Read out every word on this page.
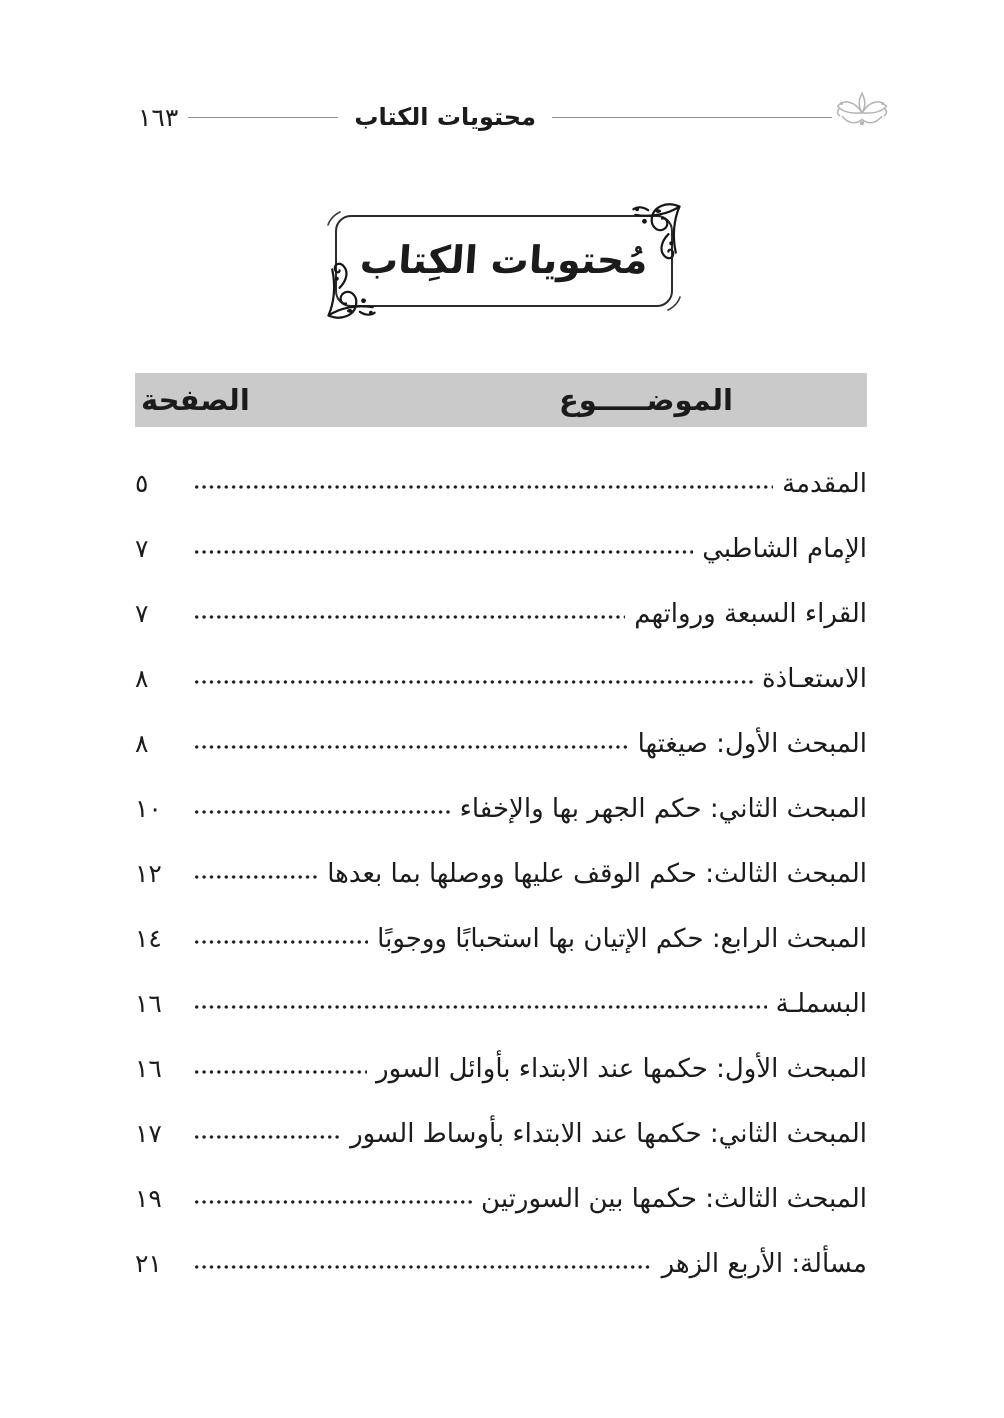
١٦٣	محتويات الكتاب
مُحتويات الكِتاب
الموضـــــوع
الصفحة
المقدمة
٥
الإمام الشاطبي
٧
القراء السبعة ورواتهم
٧
الاستعـاذة
٨
المبحث الأول: صيغتها
٨
المبحث الثاني: حكم الجهر بها والإخفاء
١٠
المبحث الثالث: حكم الوقف عليها ووصلها بما بعدها
١٢
المبحث الرابع: حكم الإتيان بها استحبابًا ووجوبًا
١٤
البسملـة
١٦
المبحث الأول: حكمها عند الابتداء بأوائل السور
١٦
المبحث الثاني: حكمها عند الابتداء بأوساط السور
١٧
المبحث الثالث: حكمها بين السورتين
١٩
مسألة: الأربع الزهر
٢١
